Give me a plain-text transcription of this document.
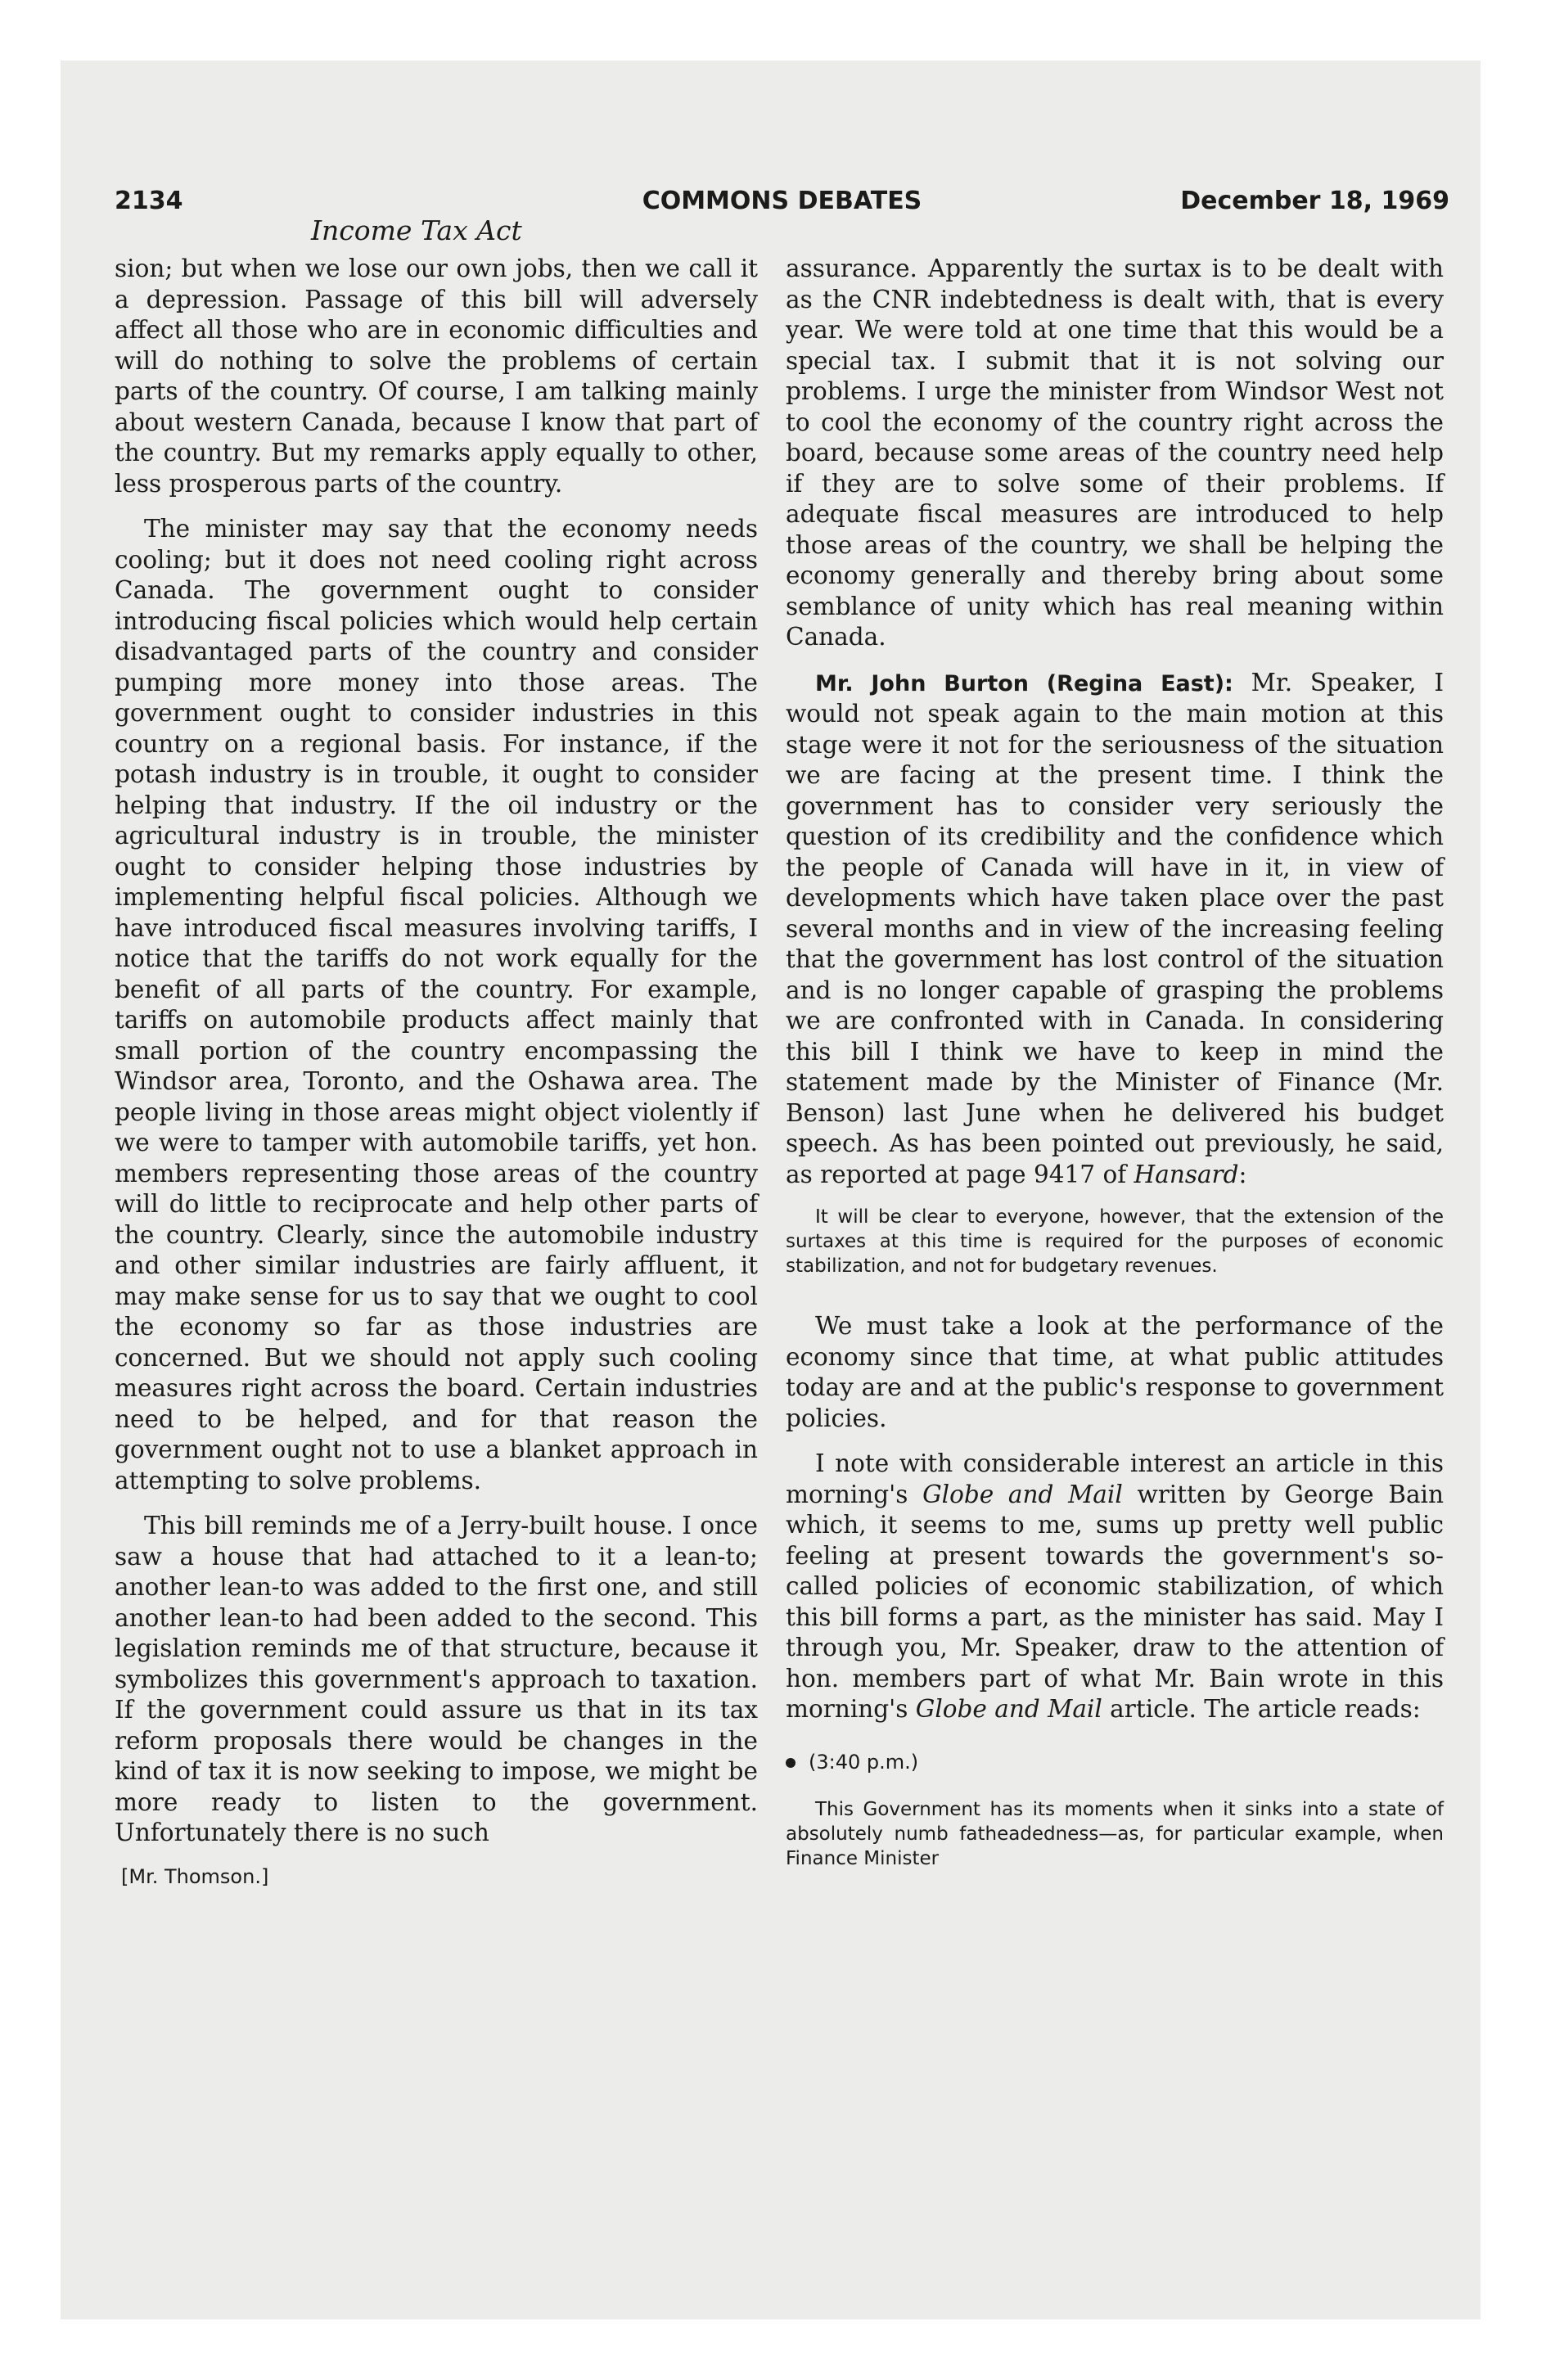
2134	COMMONS DEBATES	December 18, 1969
Income Tax Act

sion; but when we lose our own jobs, then we call it a depression. Passage of this bill will adversely affect all those who are in economic difficulties and will do nothing to solve the problems of certain parts of the country. Of course, I am talking mainly about western Canada, because I know that part of the country. But my remarks apply equally to other, less prosperous parts of the country.

The minister may say that the economy needs cooling; but it does not need cooling right across Canada. The government ought to consider introducing fiscal policies which would help certain disadvantaged parts of the country and consider pumping more money into those areas. The government ought to consider industries in this country on a regional basis. For instance, if the potash industry is in trouble, it ought to consider helping that industry. If the oil industry or the agricultural industry is in trouble, the minister ought to consider helping those industries by implementing helpful fiscal policies. Although we have introduced fiscal measures involving tariffs, I notice that the tariffs do not work equally for the benefit of all parts of the country. For example, tariffs on automobile products affect mainly that small portion of the country encompassing the Windsor area, Toronto, and the Oshawa area. The people living in those areas might object violently if we were to tamper with automobile tariffs, yet hon. members representing those areas of the country will do little to reciprocate and help other parts of the country. Clearly, since the automobile industry and other similar industries are fairly affluent, it may make sense for us to say that we ought to cool the economy so far as those industries are concerned. But we should not apply such cooling measures right across the board. Certain industries need to be helped, and for that reason the government ought not to use a blanket approach in attempting to solve problems.

This bill reminds me of a Jerry-built house. I once saw a house that had attached to it a lean-to; another lean-to was added to the first one, and still another lean-to had been added to the second. This legislation reminds me of that structure, because it symbolizes this government's approach to taxation. If the government could assure us that in its tax reform proposals there would be changes in the kind of tax it is now seeking to impose, we might be more ready to listen to the government. Unfortunately there is no such

[Mr. Thomson.]

assurance. Apparently the surtax is to be dealt with as the CNR indebtedness is dealt with, that is every year. We were told at one time that this would be a special tax. I submit that it is not solving our problems. I urge the minister from Windsor West not to cool the economy of the country right across the board, because some areas of the country need help if they are to solve some of their problems. If adequate fiscal measures are introduced to help those areas of the country, we shall be helping the economy generally and thereby bring about some semblance of unity which has real meaning within Canada.

Mr. John Burton (Regina East): Mr. Speaker, I would not speak again to the main motion at this stage were it not for the seriousness of the situation we are facing at the present time. I think the government has to consider very seriously the question of its credibility and the confidence which the people of Canada will have in it, in view of developments which have taken place over the past several months and in view of the increasing feeling that the government has lost control of the situation and is no longer capable of grasping the problems we are confronted with in Canada. In considering this bill I think we have to keep in mind the statement made by the Minister of Finance (Mr. Benson) last June when he delivered his budget speech. As has been pointed out previously, he said, as reported at page 9417 of Hansard:

It will be clear to everyone, however, that the extension of the surtaxes at this time is required for the purposes of economic stabilization, and not for budgetary revenues.

We must take a look at the performance of the economy since that time, at what public attitudes today are and at the public's response to government policies.

I note with considerable interest an article in this morning's Globe and Mail written by George Bain which, it seems to me, sums up pretty well public feeling at present towards the government's so-called policies of economic stabilization, of which this bill forms a part, as the minister has said. May I through you, Mr. Speaker, draw to the attention of hon. members part of what Mr. Bain wrote in this morning's Globe and Mail article. The article reads:

(3:40 p.m.)

This Government has its moments when it sinks into a state of absolutely numb fatheadedness—as, for particular example, when Finance Minister
